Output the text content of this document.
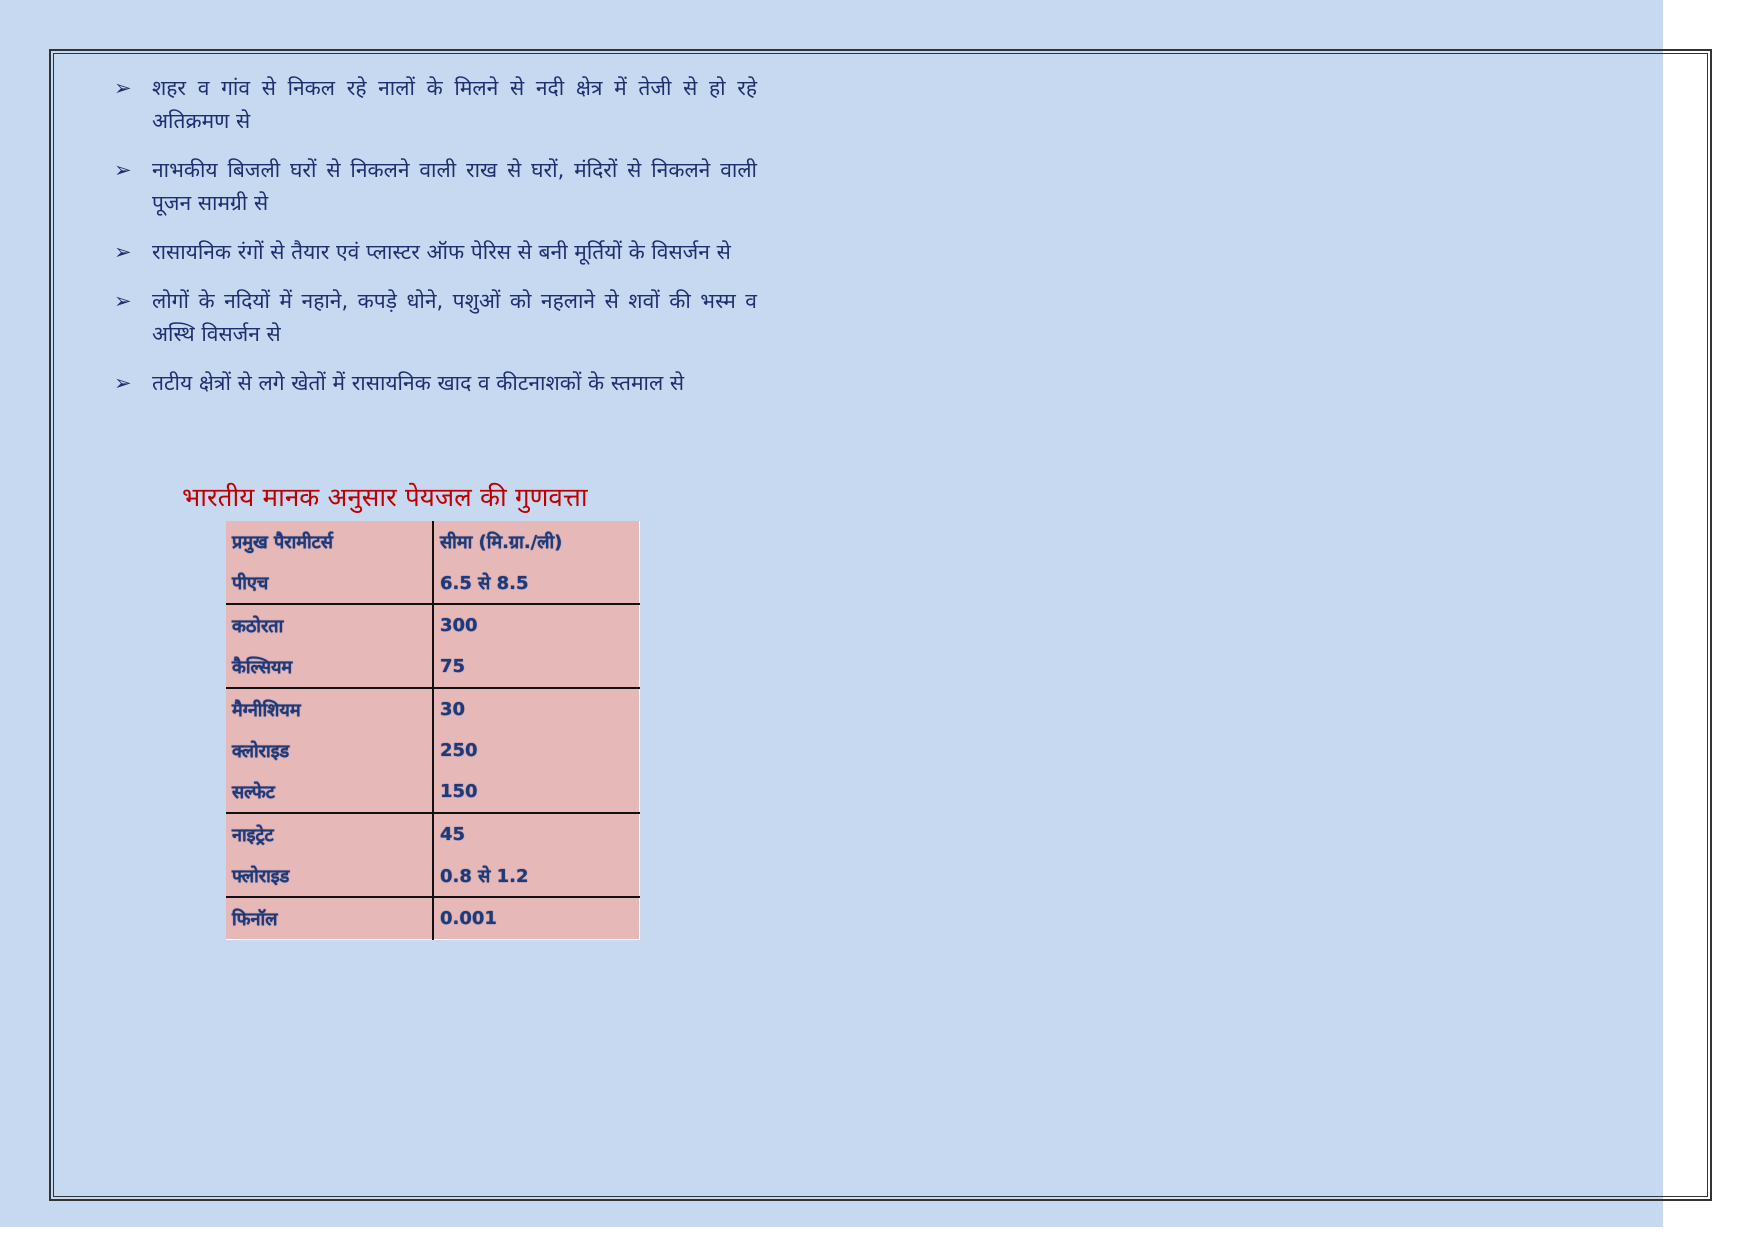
➢ शहर व गांव से निकल रहे नालों के मिलने से नदी क्षेत्र में तेजी से हो रहे अतिक्रमण से
➢ नाभकीय बिजली घरों से निकलने वाली राख से घरों, मंदिरों से निकलने वाली पूजन सामग्री से
➢ रासायनिक रंगों से तैयार एवं प्लास्टर ऑफ पेरिस से बनी मूर्तियों के विसर्जन से
➢ लोगों के नदियों में नहाने, कपड़े धोने, पशुओं को नहलाने से शवों की भस्म व अस्थि विसर्जन से
➢ तटीय क्षेत्रों से लगे खेतों में रासायनिक खाद व कीटनाशकों के स्तमाल से
भारतीय मानक अनुसार पेयजल की गुणवत्ता
प्रमुख पैरामीटर्स	सीमा (मि.ग्रा./ली)
पीएच	6.5 से 8.5
कठोरता	300
कैल्सियम	75
मैग्नीशियम	30
क्लोराइड	250
सल्फेट	150
नाइट्रेट	45
फ्लोराइड	0.8 से 1.2
फिनॉल	0.001
